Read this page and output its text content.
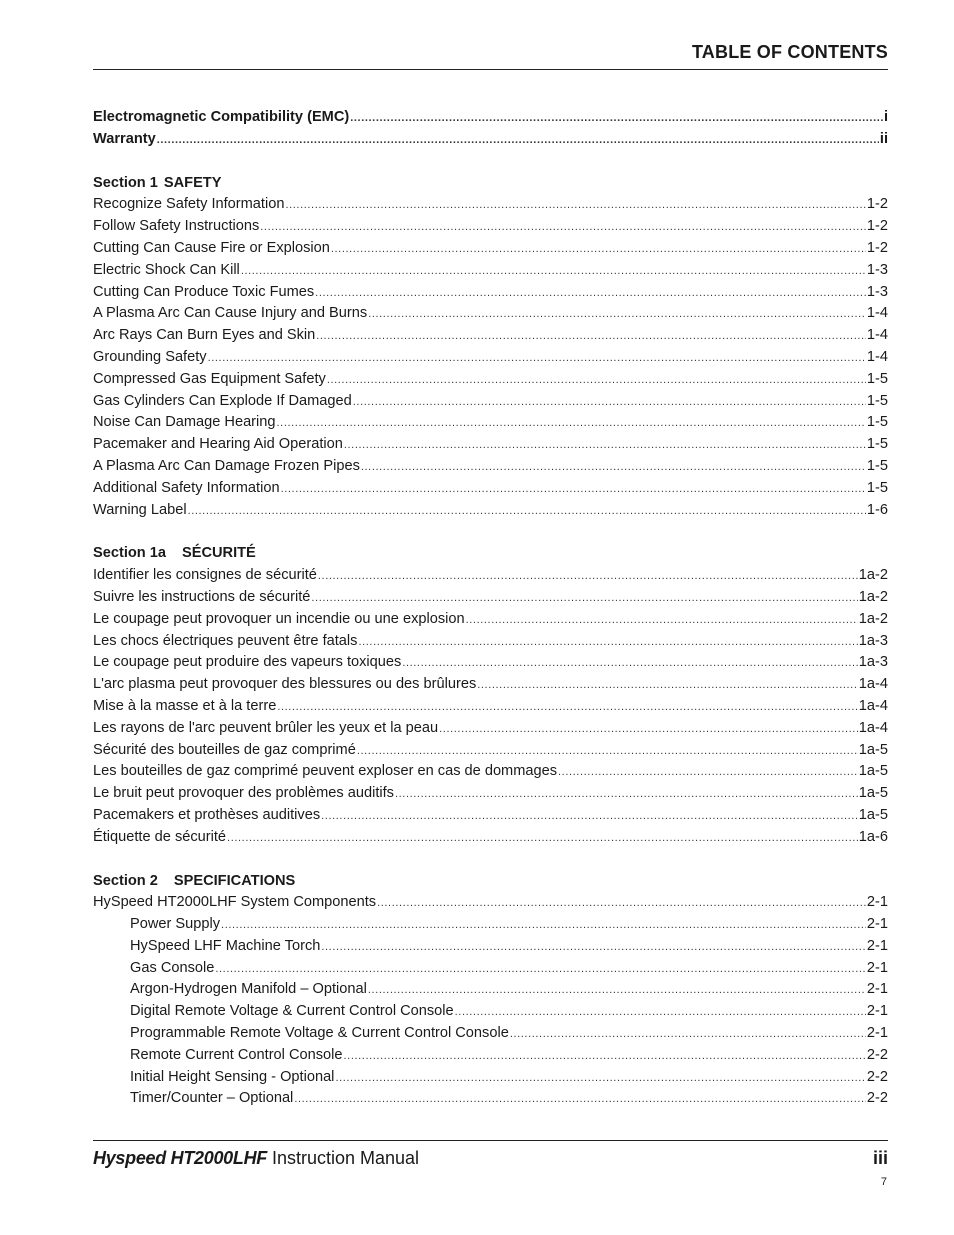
TABLE OF CONTENTS
Electromagnetic Compatibility (EMC) .....	i
Warranty .....	ii
Section 1 SAFETY
Recognize Safety Information .....	1-2
Follow Safety Instructions .....	1-2
Cutting Can Cause Fire or Explosion .....	1-2
Electric Shock Can Kill .....	1-3
Cutting Can Produce Toxic Fumes .....	1-3
A Plasma Arc Can Cause Injury and Burns .....	1-4
Arc Rays Can Burn Eyes and Skin .....	1-4
Grounding Safety .....	1-4
Compressed Gas Equipment Safety .....	1-5
Gas Cylinders Can Explode If Damaged .....	1-5
Noise Can Damage Hearing .....	1-5
Pacemaker and Hearing Aid Operation .....	1-5
A Plasma Arc Can Damage Frozen Pipes .....	1-5
Additional Safety Information .....	1-5
Warning Label .....	1-6
Section 1a SÉCURITÉ
Identifier les consignes de sécurité .....	1a-2
Suivre les instructions de sécurité .....	1a-2
Le coupage peut provoquer un incendie ou une explosion .....	1a-2
Les chocs électriques peuvent être fatals .....	1a-3
Le coupage peut produire des vapeurs toxiques .....	1a-3
L'arc plasma peut provoquer des blessures ou des brûlures .....	1a-4
Mise à la masse et à la terre .....	1a-4
Les rayons de l'arc peuvent brûler les yeux et la peau .....	1a-4
Sécurité des bouteilles de gaz comprimé .....	1a-5
Les bouteilles de gaz comprimé peuvent exploser en cas de dommages .....	1a-5
Le bruit peut provoquer des problèmes auditifs .....	1a-5
Pacemakers et prothèses auditives .....	1a-5
Étiquette de sécurité .....	1a-6
Section 2 SPECIFICATIONS
HySpeed HT2000LHF System Components .....	2-1
Power Supply .....	2-1
HySpeed LHF Machine Torch .....	2-1
Gas Console .....	2-1
Argon-Hydrogen Manifold – Optional .....	2-1
Digital Remote Voltage & Current Control Console .....	2-1
Programmable Remote Voltage & Current Control Console .....	2-1
Remote Current Control Console .....	2-2
Initial Height Sensing - Optional .....	2-2
Timer/Counter – Optional .....	2-2
Hyspeed HT2000LHF Instruction Manual	iii
7
